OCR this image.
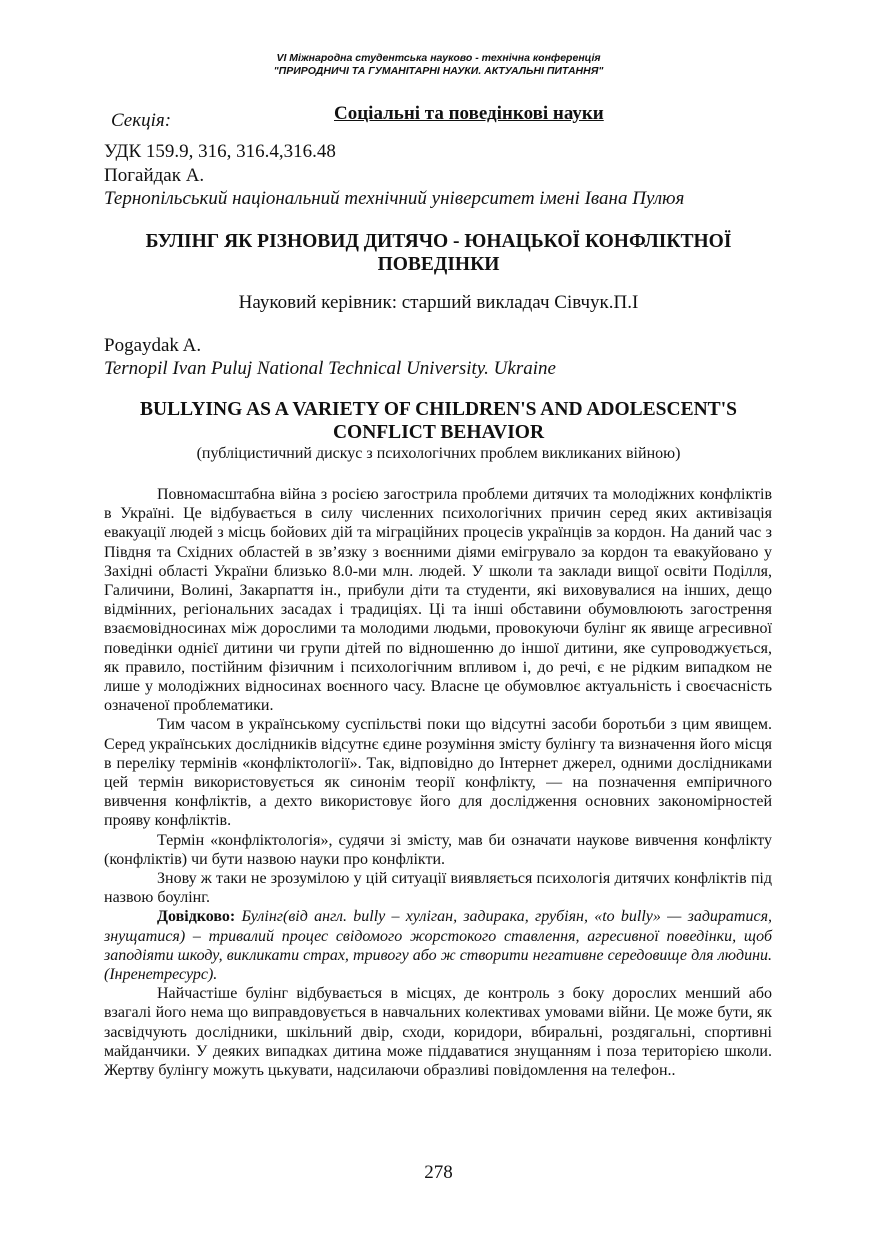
VI Міжнародна студентська науково - технічна конференція
"ПРИРОДНИЧІ ТА ГУМАНІТАРНІ НАУКИ. АКТУАЛЬНІ ПИТАННЯ"
Секція:	Соціальні та поведінкові науки
УДК 159.9, 316, 316.4,316.48
Погайдак А.
Тернопільський національний технічний університет імені Івана Пулюя
БУЛІНГ ЯК РІЗНОВИД ДИТЯЧО - ЮНАЦЬКОЇ КОНФЛІКТНОЇ
ПОВЕДІНКИ
Науковий керівник: старший викладач Сівчук.П.І
Pogaydak A.
Ternopil Ivan Puluj National Technical University. Ukraine
BULLYING AS A VARIETY OF CHILDREN'S AND ADOLESCENT'S
CONFLICT BEHAVIOR
(публіцистичний дискус з психологічних проблем викликаних війною)

Повномасштабна війна з росією загострила проблеми дитячих та молодіжних конфліктів в Україні. Це відбувається в силу численних психологічних причин серед яких активізація евакуації людей з місць бойових дій та міграційних процесів українців за кордон. На даний час з Півдня та Східних областей в зв’язку з воєнними діями емігрувало за кордон та евакуйовано у Західні області України близько 8.0-ми млн. людей. У школи та заклади вищої освіти Поділля, Галичини, Волині, Закарпаття ін., прибули діти та студенти, які виховувалися на інших, дещо відмінних, регіональних засадах і традиціях. Ці та інші обставини обумовлюють загострення взаємовідносинах між дорослими та молодими людьми, провокуючи булінг як явище агресивної поведінки однієї дитини чи групи дітей по відношенню до іншої дитини, яке супроводжується, як правило, постійним фізичним і психологічним впливом і, до речі, є не рідким випадком не лише у молодіжних відносинах воєнного часу. Власне це обумовлює актуальність і своєчасність означеної проблематики.

Тим часом в українському суспільстві поки що відсутні засоби боротьби з цим явищем. Серед українських дослідників відсутнє єдине розуміння змісту булінгу та визначення його місця в переліку термінів «конфліктології». Так, відповідно до Інтернет джерел, одними дослідниками цей термін використовується як синонім теорії конфлікту, — на позначення емпіричного вивчення конфліктів, а дехто використовує його для дослідження основних закономірностей прояву конфліктів.

Термін «конфліктологія», судячи зі змісту, мав би означати наукове вивчення конфлікту (конфліктів) чи бути назвою науки про конфлікти.

Знову ж таки не зрозумілою у цій ситуації виявляється психологія дитячих конфліктів під назвою боулінг.

Довідково: Булінг(від англ. bully – хуліган, задирака, грубіян, «to bully» — задиратися, знущатися) – тривалий процес свідомого жорстокого ставлення, агресивної поведінки, щоб заподіяти шкоду, викликати страх, тривогу або ж створити негативне середовище для людини.(Інренетресурс).

Найчастіше булінг відбувається в місцях, де контроль з боку дорослих менший або взагалі його нема що виправдовується в навчальних колективах умовами війни. Це може бути, як засвідчують дослідники, шкільний двір, сходи, коридори, вбиральні, роздягальні, спортивні майданчики. У деяких випадках дитина може піддаватися знущанням і поза територією школи. Жертву булінгу можуть цькувати, надсилаючи образливі повідомлення на телефон..

278
